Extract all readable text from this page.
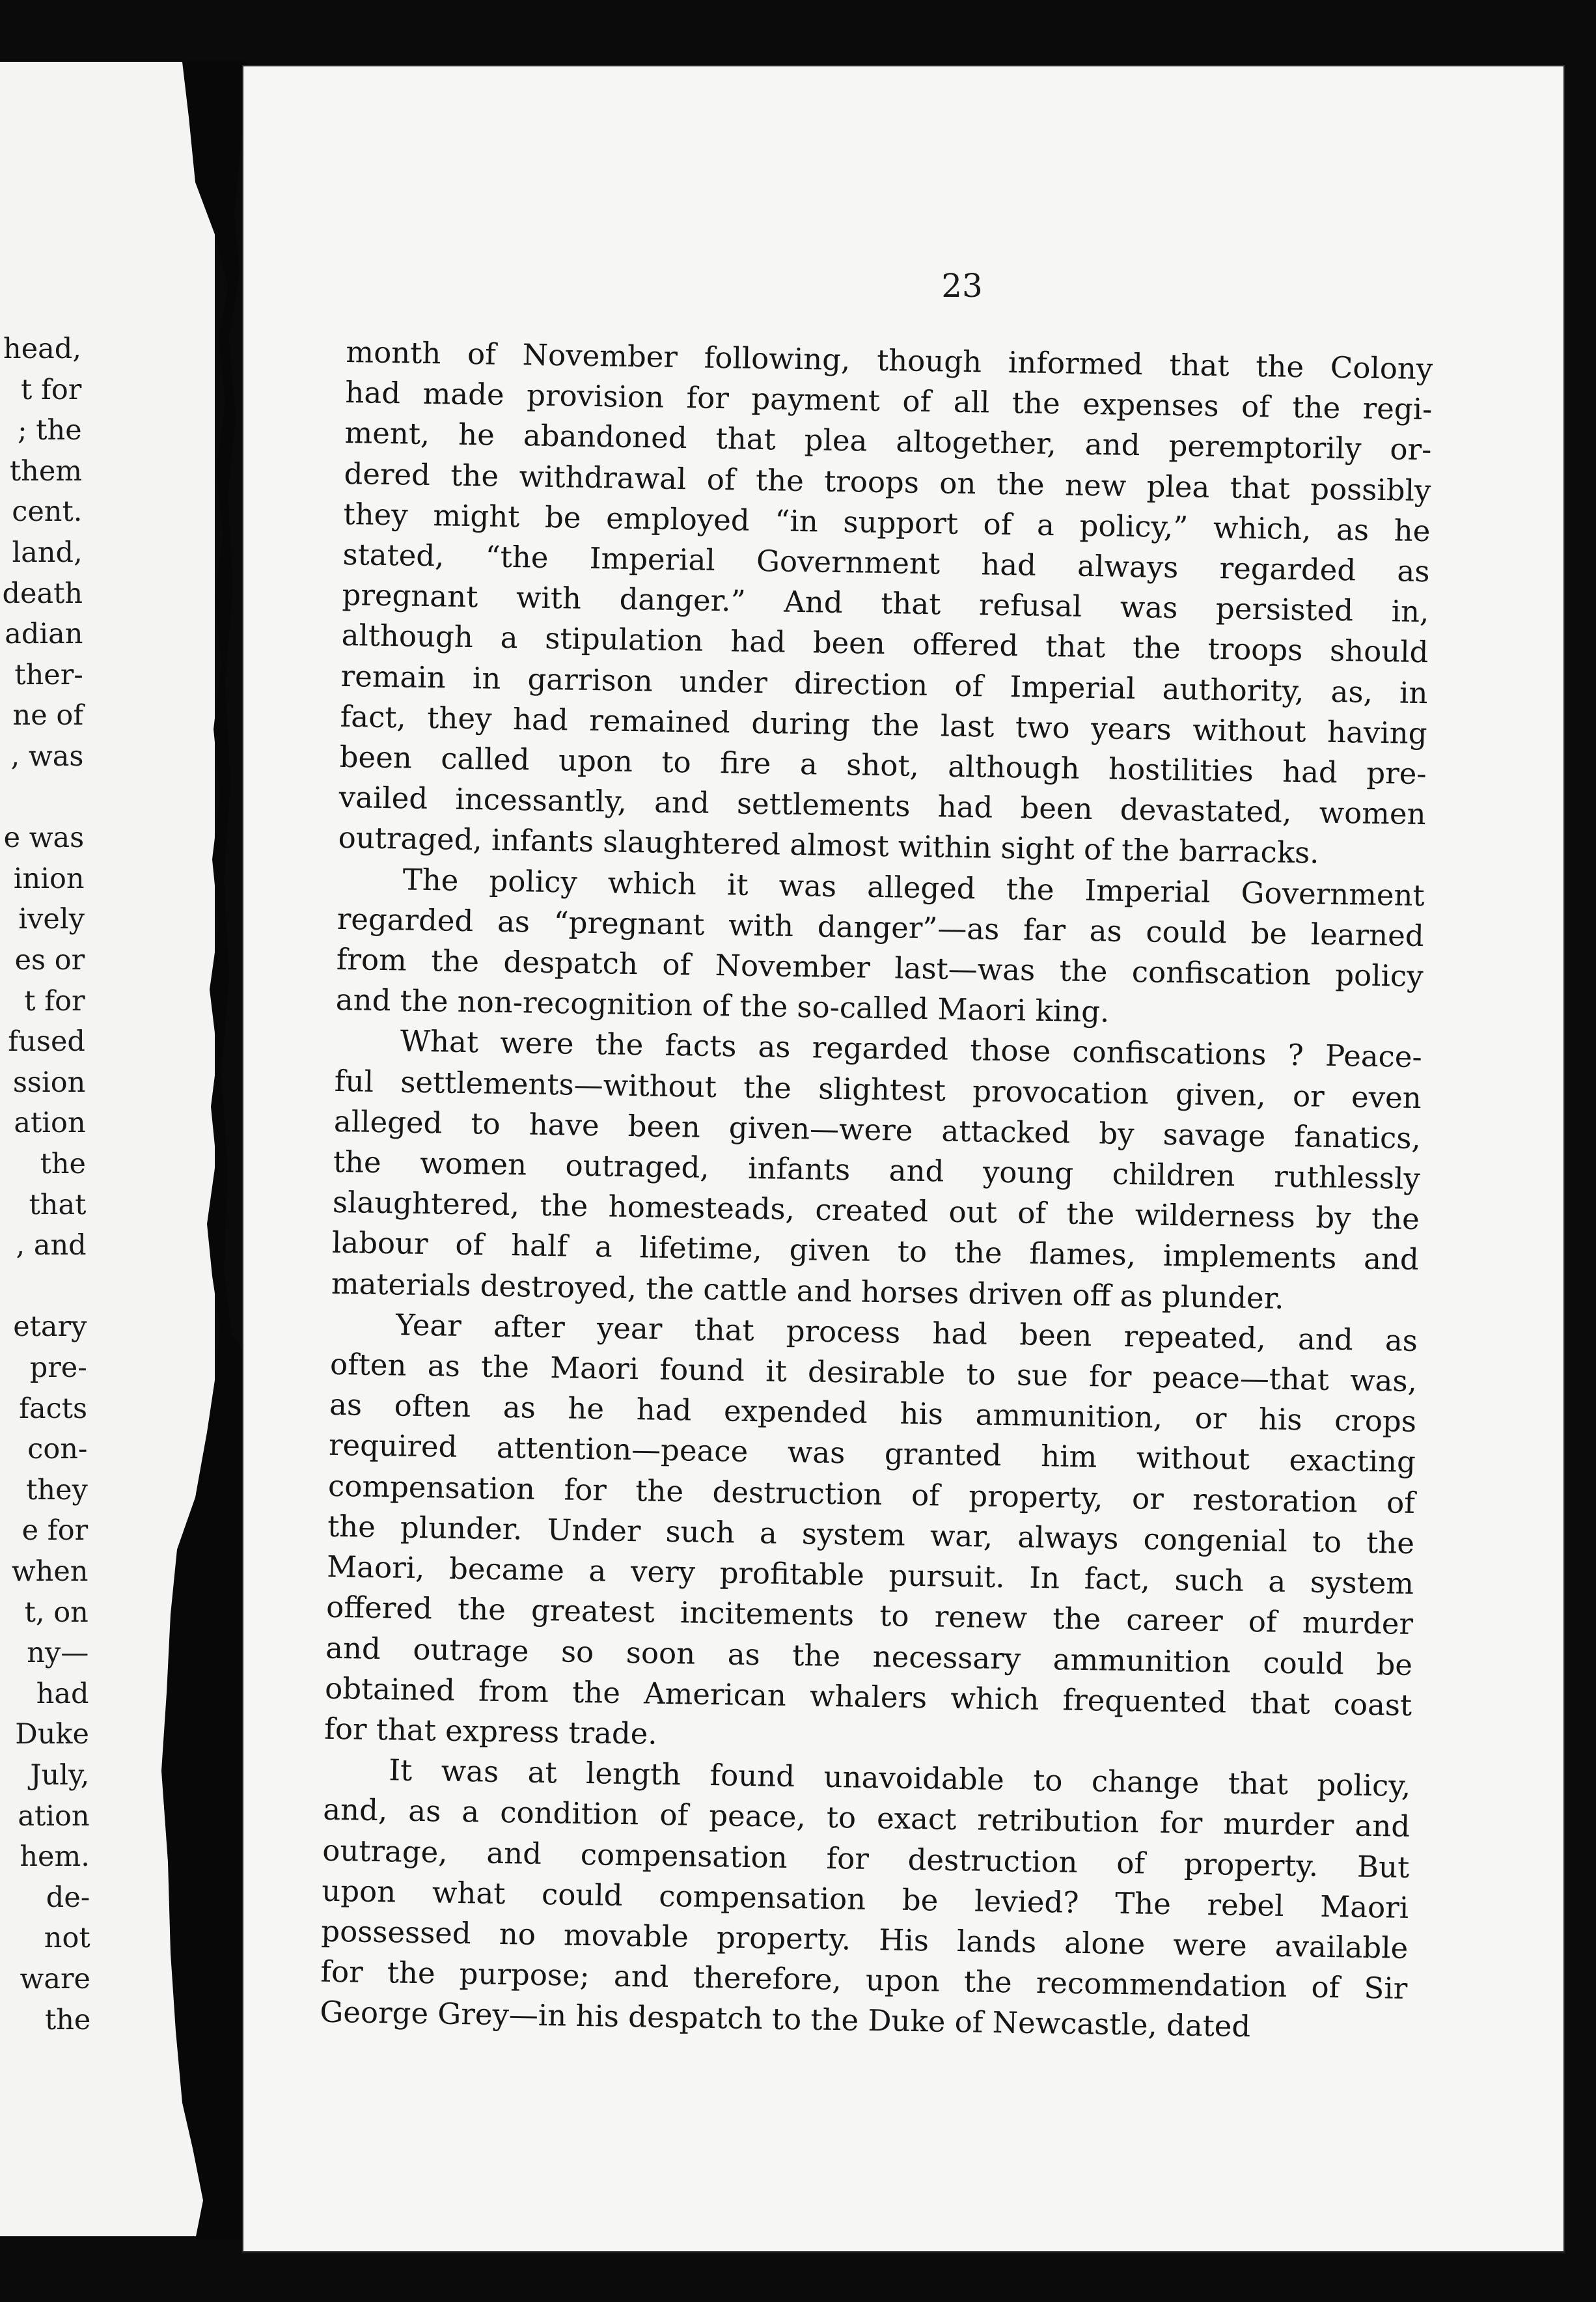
head,
t for
; the
them
cent.
land,
death
adian
ther-
ne of
, was
e was
inion
ively
es or
t for
fused
ssion
ation
the
that
, and
etary
pre-
facts
con-
they
e for
when
t, on
ny—
had
Duke
July,
ation
hem.
de-
not
ware
the
23
month of November following, though informed that the Colony
had made provision for payment of all the expenses of the regi-
ment, he abandoned that plea altogether, and peremptorily or-
dered the withdrawal of the troops on the new plea that possibly
they might be employed “in support of a policy,” which, as he
stated, “the Imperial Government had always regarded as
pregnant with danger.” And that refusal was persisted in,
although a stipulation had been offered that the troops should
remain in garrison under direction of Imperial authority, as, in
fact, they had remained during the last two years without having
been called upon to fire a shot, although hostilities had pre-
vailed incessantly, and settlements had been devastated, women
outraged, infants slaughtered almost within sight of the barracks.
The policy which it was alleged the Imperial Government
regarded as “pregnant with danger”—as far as could be learned
from the despatch of November last—was the confiscation policy
and the non-recognition of the so-called Maori king.
What were the facts as regarded those confiscations ? Peace-
ful settlements—without the slightest provocation given, or even
alleged to have been given—were attacked by savage fanatics,
the women outraged, infants and young children ruthlessly
slaughtered, the homesteads, created out of the wilderness by the
labour of half a lifetime, given to the flames, implements and
materials destroyed, the cattle and horses driven off as plunder.
Year after year that process had been repeated, and as
often as the Maori found it desirable to sue for peace—that was,
as often as he had expended his ammunition, or his crops
required attention—peace was granted him without exacting
compensation for the destruction of property, or restoration of
the plunder. Under such a system war, always congenial to the
Maori, became a very profitable pursuit. In fact, such a system
offered the greatest incitements to renew the career of murder
and outrage so soon as the necessary ammunition could be
obtained from the American whalers which frequented that coast
for that express trade.
It was at length found unavoidable to change that policy,
and, as a condition of peace, to exact retribution for murder and
outrage, and compensation for destruction of property. But
upon what could compensation be levied? The rebel Maori
possessed no movable property. His lands alone were available
for the purpose; and therefore, upon the recommendation of Sir
George Grey—in his despatch to the Duke of Newcastle, dated
